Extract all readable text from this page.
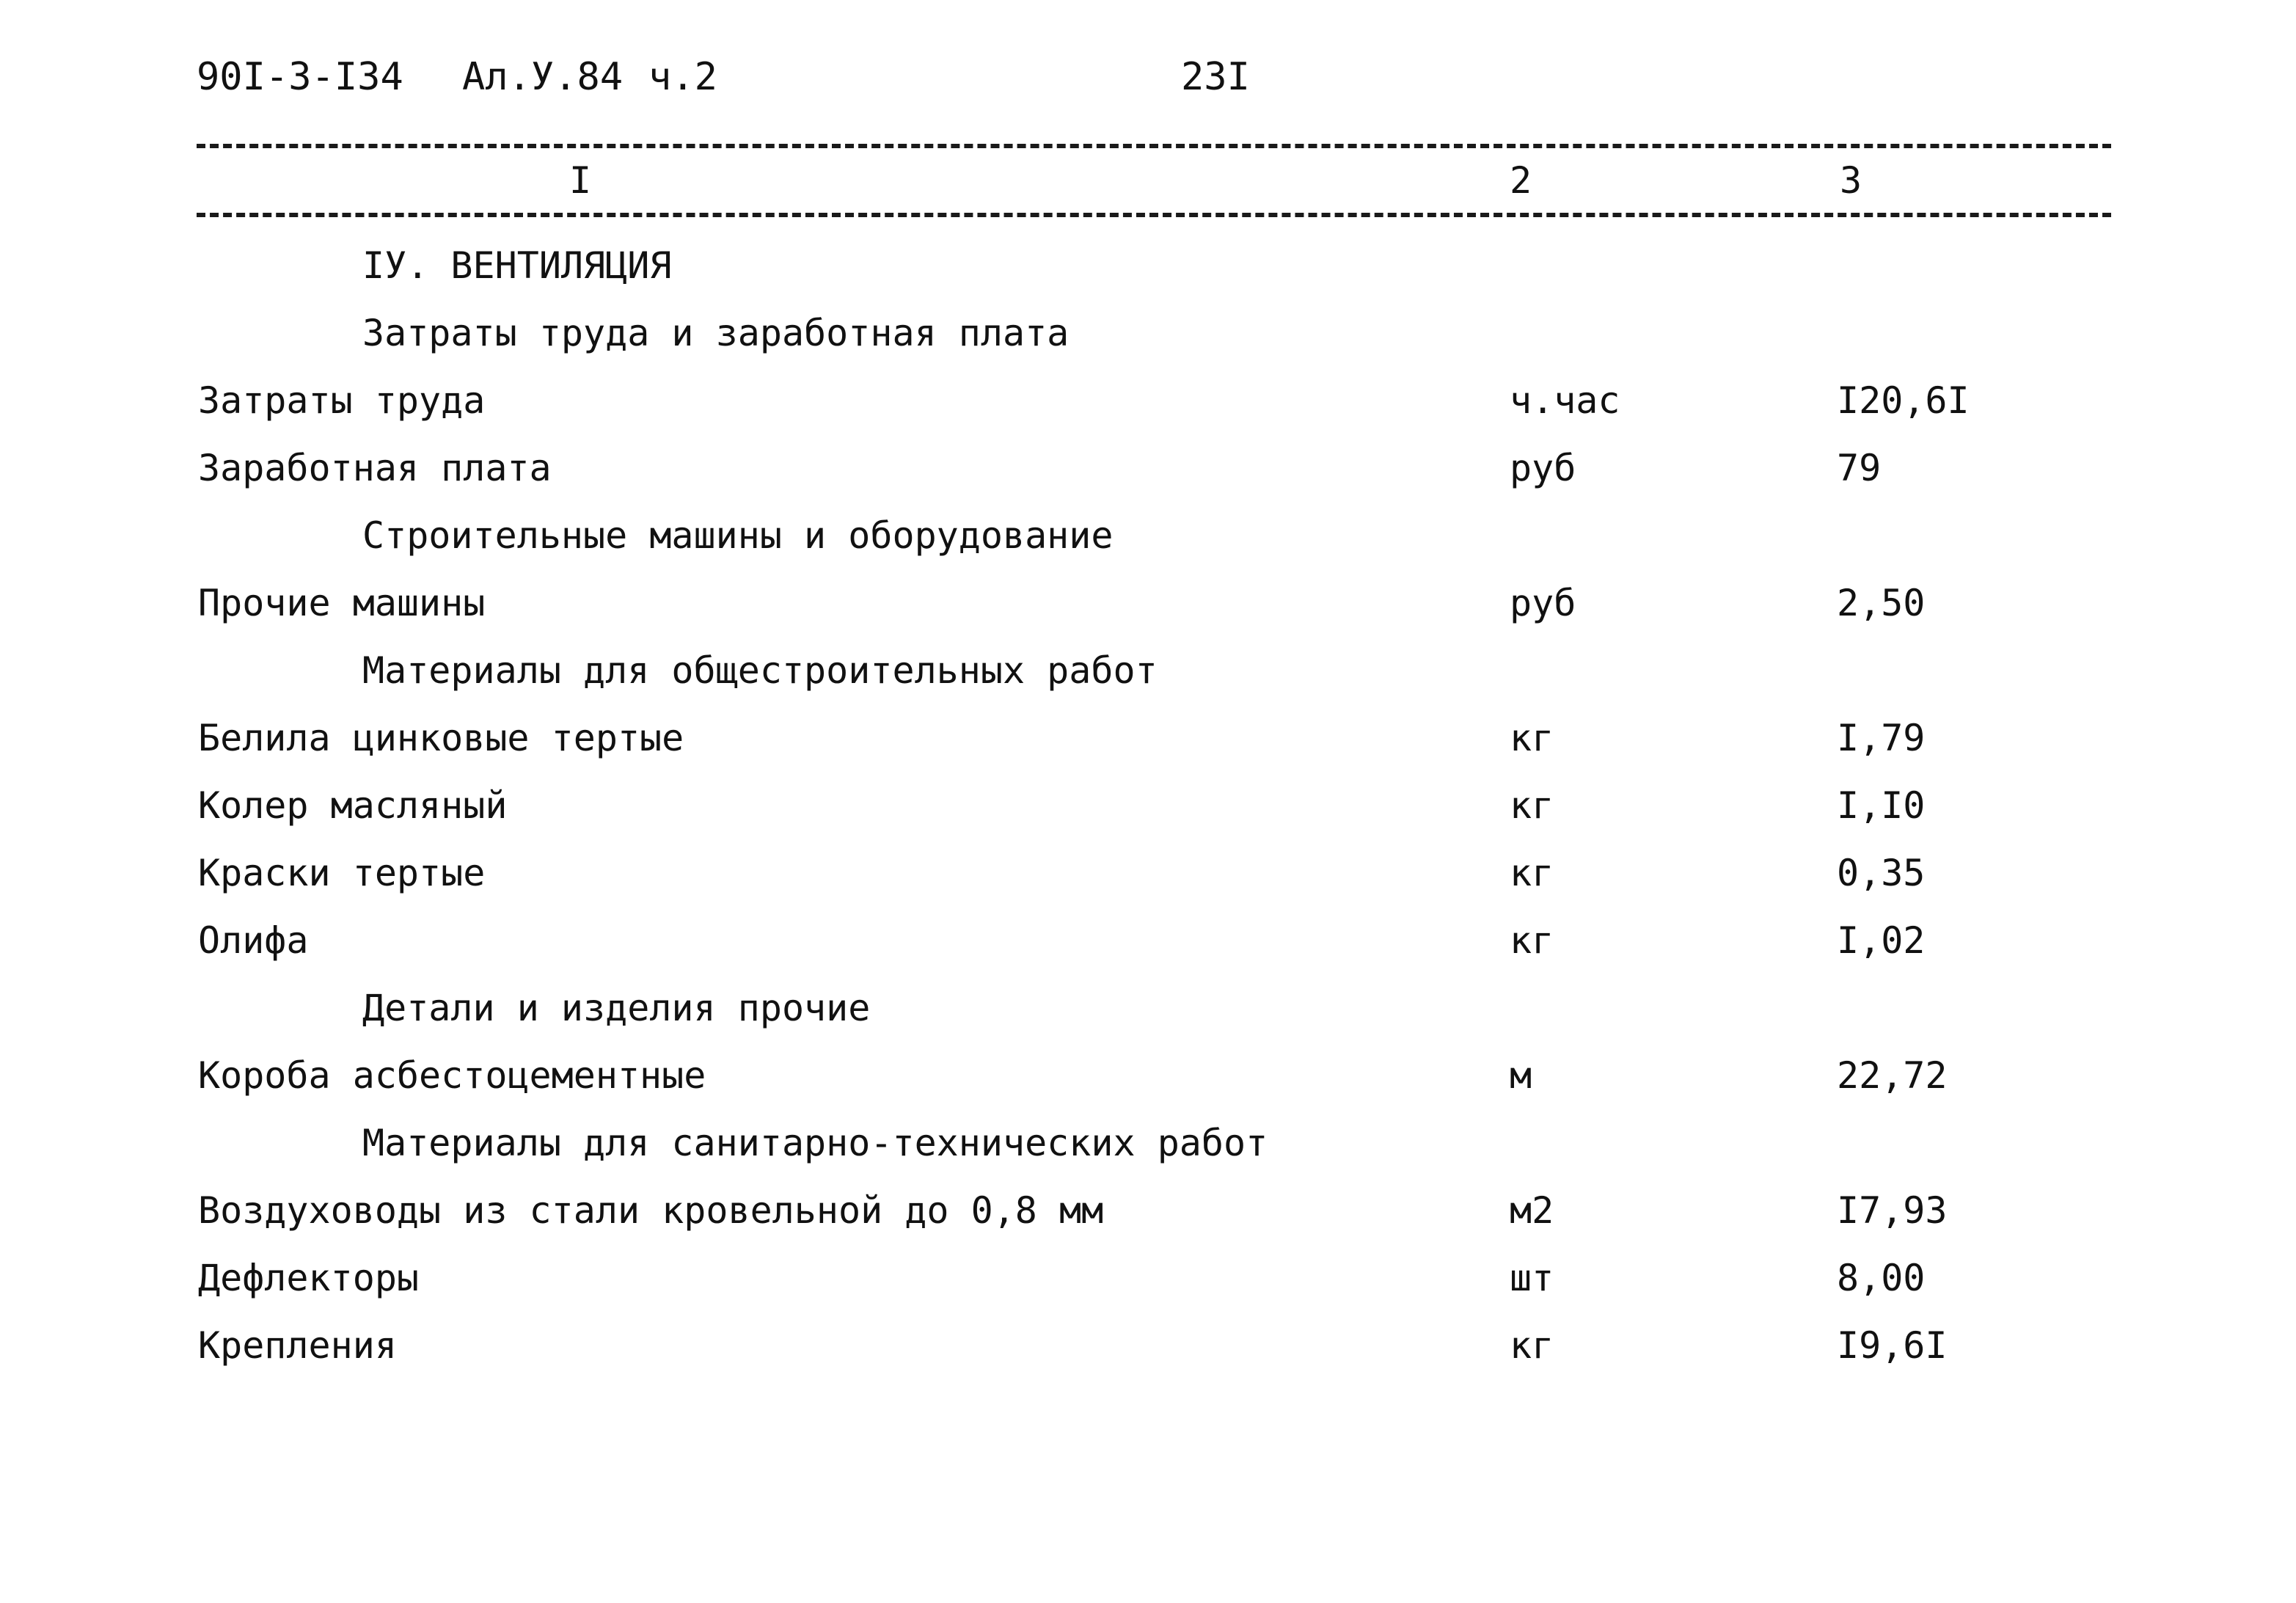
90I-3-I34 Ал.У.84 ч.2	23I
I	2	3
IУ. ВЕНТИЛЯЦИЯ
Затраты труда и заработная плата
Затраты труда	ч.час	I20,6I
Заработная плата	руб	79
Строительные машины и оборудование
Прочие машины	руб	2,50
Материалы для общестроительных работ
Белила цинковые тертые	кг	I,79
Колер масляный	кг	I,I0
Краски тертые	кг	0,35
Олифа	кг	I,02
Детали и изделия прочие
Короба асбестоцементные	м	22,72
Материалы для санитарно-технических работ
Воздуховоды из стали кровельной до 0,8 мм	м2	I7,93
Дефлекторы	шт	8,00
Крепления	кг	I9,6I
